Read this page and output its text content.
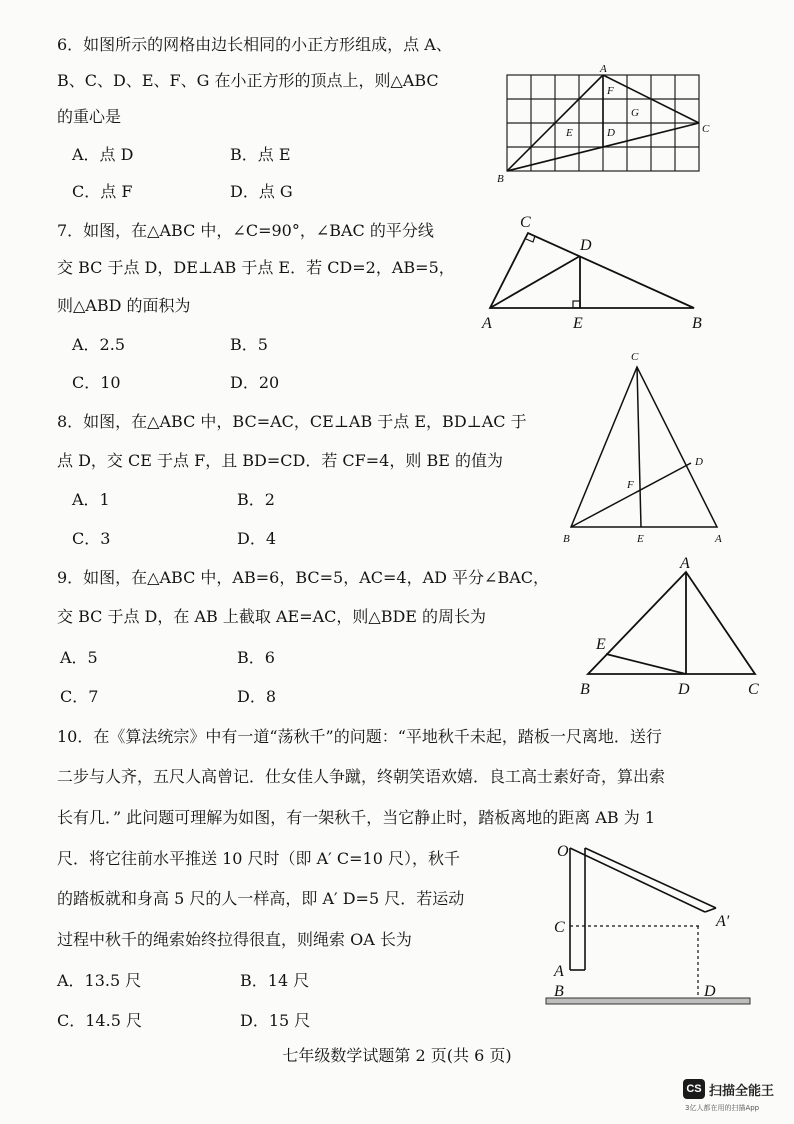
6．如图所示的网格由边长相同的小正方形组成，点 A、
B、C、D、E、F、G 在小正方形的顶点上，则△ABC
的重心是
A．点 D	B．点 E
C．点 F	D．点 G
A
B
C
D
E
F
G
7．如图，在△ABC 中，∠C=90°，∠BAC 的平分线
交 BC 于点 D，DE⊥AB 于点 E．若 CD=2，AB=5，
则△ABD 的面积为
A．2.5	B．5
C．10	D．20
C
D
A	E	B
8．如图，在△ABC 中，BC=AC，CE⊥AB 于点 E，BD⊥AC 于
点 D，交 CE 于点 F，且 BD=CD．若 CF=4，则 BE 的值为
A．1	B．2
C．3	D．4
C
D
F
B	E	A
9．如图，在△ABC 中，AB=6，BC=5，AC=4，AD 平分∠BAC，
交 BC 于点 D，在 AB 上截取 AE=AC，则△BDE 的周长为
A．5	B．6
C．7	D．8
A
E
B	D	C
10．在《算法统宗》中有一道“荡秋千”的问题：“平地秋千未起，踏板一尺离地．送行
二步与人齐，五尺人高曾记．仕女佳人争蹴，终朝笑语欢嬉．良工高士素好奇，算出索
长有几．” 此问题可理解为如图，有一架秋千，当它静止时，踏板离地的距离 AB 为 1
尺．将它往前水平推送 10 尺时（即 A′ C=10 尺），秋千
的踏板就和身高 5 尺的人一样高，即 A′ D=5 尺．若运动
过程中秋千的绳索始终拉得很直，则绳索 OA 长为
A．13.5 尺	B．14 尺
C．14.5 尺	D．15 尺
O
C
A
B	D
A′
七年级数学试题第 2 页(共 6 页)
CS 扫描全能王
3亿人都在用的扫描App
